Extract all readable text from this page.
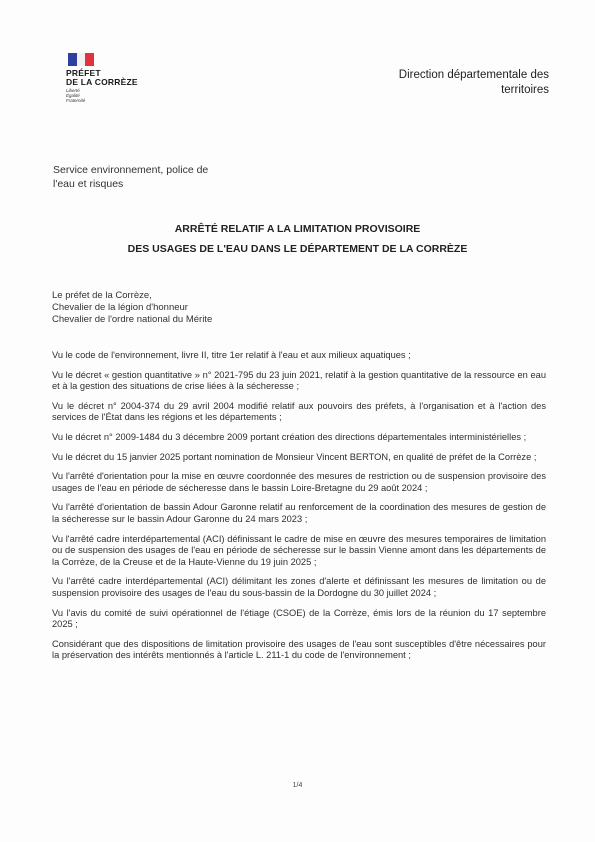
PRÉFET
DE LA CORRÈZE
Liberté
Égalité
Fraternité
Direction départementale des
territoires
Service environnement, police de
l'eau et risques
ARRÊTÉ RELATIF A LA LIMITATION PROVISOIRE
DES USAGES DE L'EAU DANS LE DÉPARTEMENT DE LA CORRÈZE
Le préfet de la Corrèze,
Chevalier de la légion d'honneur
Chevalier de l'ordre national du Mérite

Vu le code de l'environnement, livre II, titre 1er relatif à l'eau et aux milieux aquatiques ;

Vu le décret « gestion quantitative » n° 2021-795 du 23 juin 2021, relatif à la gestion quantitative de la ressource en eau et à la gestion des situations de crise liées à la sécheresse ;

Vu le décret n° 2004-374 du 29 avril 2004 modifié relatif aux pouvoirs des préfets, à l'organisation et à l'action des services de l'État dans les régions et les départements ;

Vu le décret n° 2009-1484 du 3 décembre 2009 portant création des directions départementales interministérielles ;

Vu le décret du 15 janvier 2025 portant nomination de Monsieur Vincent BERTON, en qualité de préfet de la Corrèze ;

Vu l'arrêté d'orientation pour la mise en œuvre coordonnée des mesures de restriction ou de suspension provisoire des usages de l'eau en période de sécheresse dans le bassin Loire-Bretagne du 29 août 2024 ;

Vu l'arrêté d'orientation de bassin Adour Garonne relatif au renforcement de la coordination des mesures de gestion de la sécheresse sur le bassin Adour Garonne du 24 mars 2023 ;

Vu l'arrêté cadre interdépartemental (ACI) définissant le cadre de mise en œuvre des mesures temporaires de limitation ou de suspension des usages de l'eau en période de sécheresse sur le bassin Vienne amont dans les départements de la Corrèze, de la Creuse et de la Haute-Vienne du 19 juin 2025 ;

Vu l'arrêté cadre interdépartemental (ACI) délimitant les zones d'alerte et définissant les mesures de limitation ou de suspension provisoire des usages de l'eau du sous-bassin de la Dordogne du 30 juillet 2024 ;

Vu l'avis du comité de suivi opérationnel de l'étiage (CSOE) de la Corrèze, émis lors de la réunion du 17 septembre 2025 ;

Considérant que des dispositions de limitation provisoire des usages de l'eau sont susceptibles d'être nécessaires pour la préservation des intérêts mentionnés à l'article L. 211-1 du code de l'environnement ;

1/4
